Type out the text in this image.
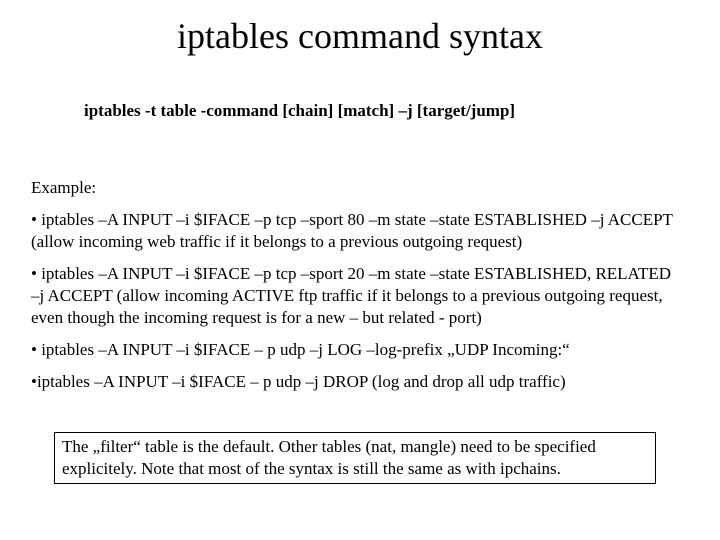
iptables command syntax
iptables -t table -command [chain] [match] –j [target/jump]
Example:
• iptables –A INPUT –i $IFACE –p tcp –sport 80 –m state –state ESTABLISHED –j ACCEPT (allow incoming web traffic if it belongs to a previous outgoing request)
• iptables –A INPUT –i $IFACE –p tcp –sport 20 –m state –state ESTABLISHED, RELATED –j ACCEPT (allow incoming ACTIVE ftp traffic if it belongs to a previous outgoing request, even though the incoming request is for a new – but related - port)
• iptables –A INPUT –i $IFACE – p udp –j LOG –log-prefix „UDP Incoming:“
•iptables –A INPUT –i $IFACE – p udp –j DROP (log and drop all udp traffic)
The „filter“ table is the default. Other tables (nat, mangle) need to be specified explicitely. Note that most of the syntax is still the same as with ipchains.
